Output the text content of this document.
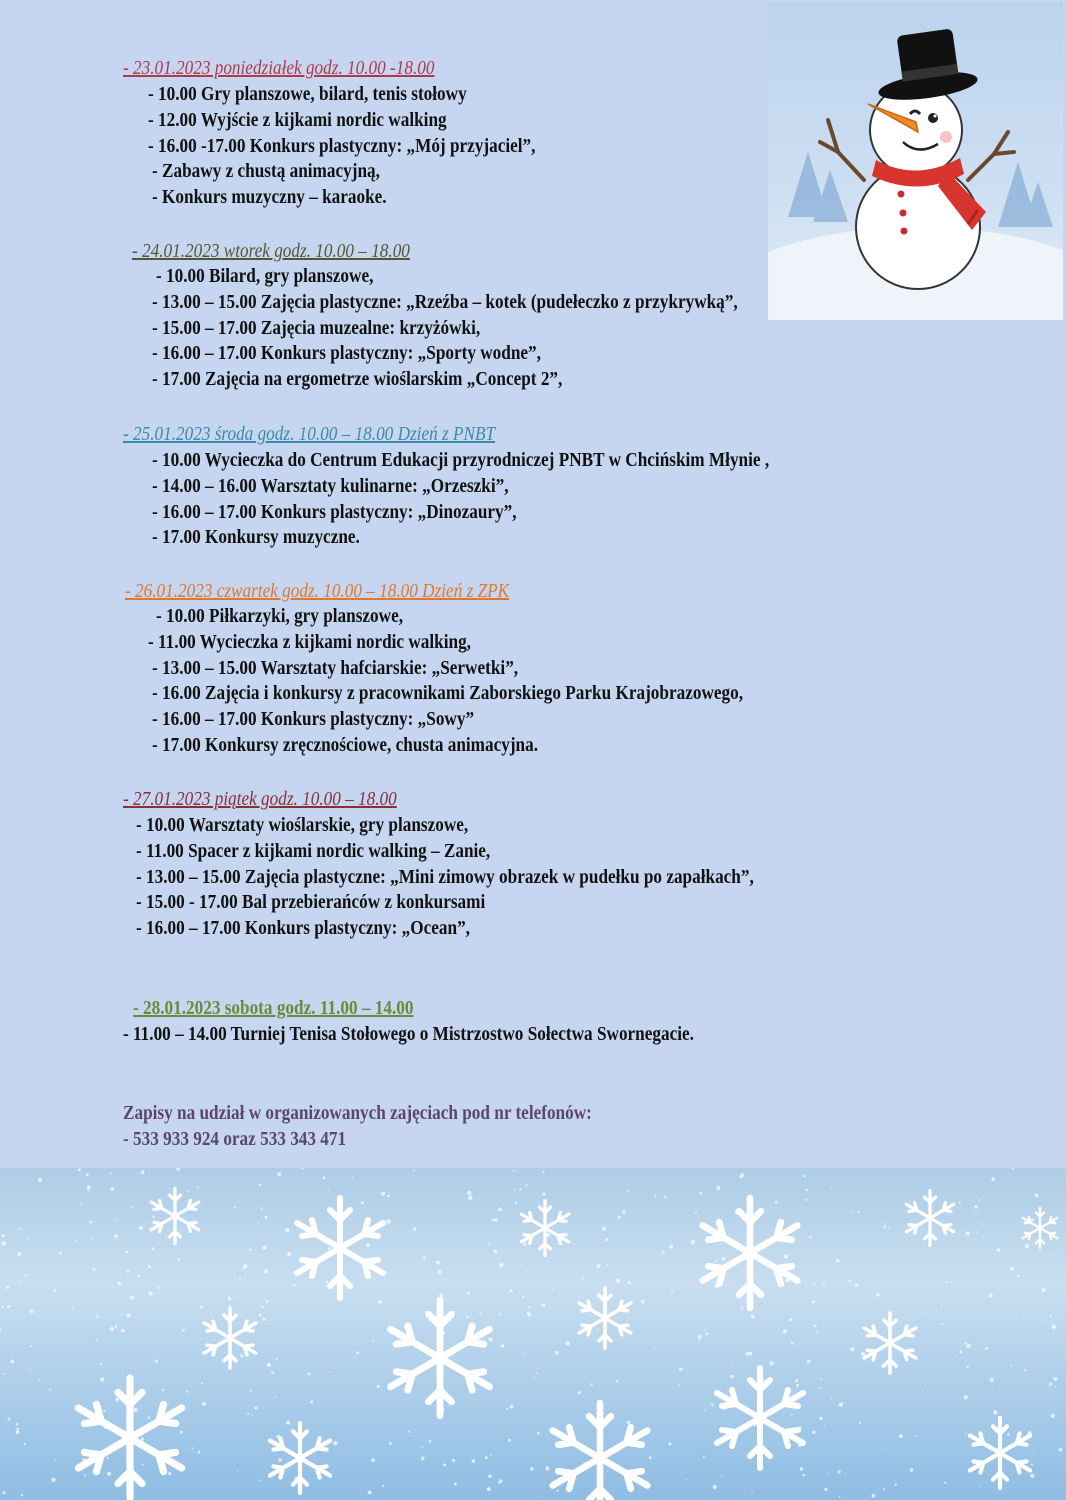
- 23.01.2023 poniedziałek godz. 10.00 -18.00
- 10.00 Gry planszowe, bilard, tenis stołowy
- 12.00 Wyjście z kijkami nordic walking
- 16.00 -17.00 Konkurs plastyczny: „Mój przyjaciel”,
- Zabawy z chustą animacyjną,
- Konkurs muzyczny – karaoke.
- 24.01.2023 wtorek godz. 10.00 – 18.00
- 10.00 Bilard, gry planszowe,
- 13.00 – 15.00 Zajęcia plastyczne: „Rzeźba – kotek (pudełeczko z przykrywką”,
- 15.00 – 17.00 Zajęcia muzealne: krzyżówki,
- 16.00 – 17.00 Konkurs plastyczny: „Sporty wodne”,
- 17.00 Zajęcia na ergometrze wioślarskim „Concept 2”,
- 25.01.2023 środa godz. 10.00 – 18.00 Dzień z PNBT
- 10.00 Wycieczka do Centrum Edukacji przyrodniczej PNBT w Chcińskim Młynie ,
- 14.00 – 16.00 Warsztaty kulinarne: „Orzeszki”,
- 16.00 – 17.00 Konkurs plastyczny: „Dinozaury”,
- 17.00 Konkursy muzyczne.
- 26.01.2023 czwartek godz. 10.00 – 18.00 Dzień z ZPK
- 10.00 Piłkarzyki, gry planszowe,
- 11.00 Wycieczka z kijkami nordic walking,
- 13.00 – 15.00 Warsztaty hafciarskie: „Serwetki”,
- 16.00 Zajęcia i konkursy z pracownikami Zaborskiego Parku Krajobrazowego,
- 16.00 – 17.00 Konkurs plastyczny: „Sowy”
- 17.00 Konkursy zręcznościowe, chusta animacyjna.
- 27.01.2023 piątek godz. 10.00 – 18.00
- 10.00 Warsztaty wioślarskie, gry planszowe,
- 11.00 Spacer z kijkami nordic walking – Zanie,
- 13.00 – 15.00 Zajęcia plastyczne: „Mini zimowy obrazek w pudełku po zapałkach”,
- 15.00 - 17.00 Bal przebierańców z konkursami
- 16.00 – 17.00 Konkurs plastyczny: „Ocean”,
- 28.01.2023 sobota godz. 11.00 – 14.00
- 11.00 – 14.00 Turniej Tenisa Stołowego o Mistrzostwo Sołectwa Swornegacie.
Zapisy na udział w organizowanych zajęciach pod nr telefonów:
- 533 933 924 oraz 533 343 471
